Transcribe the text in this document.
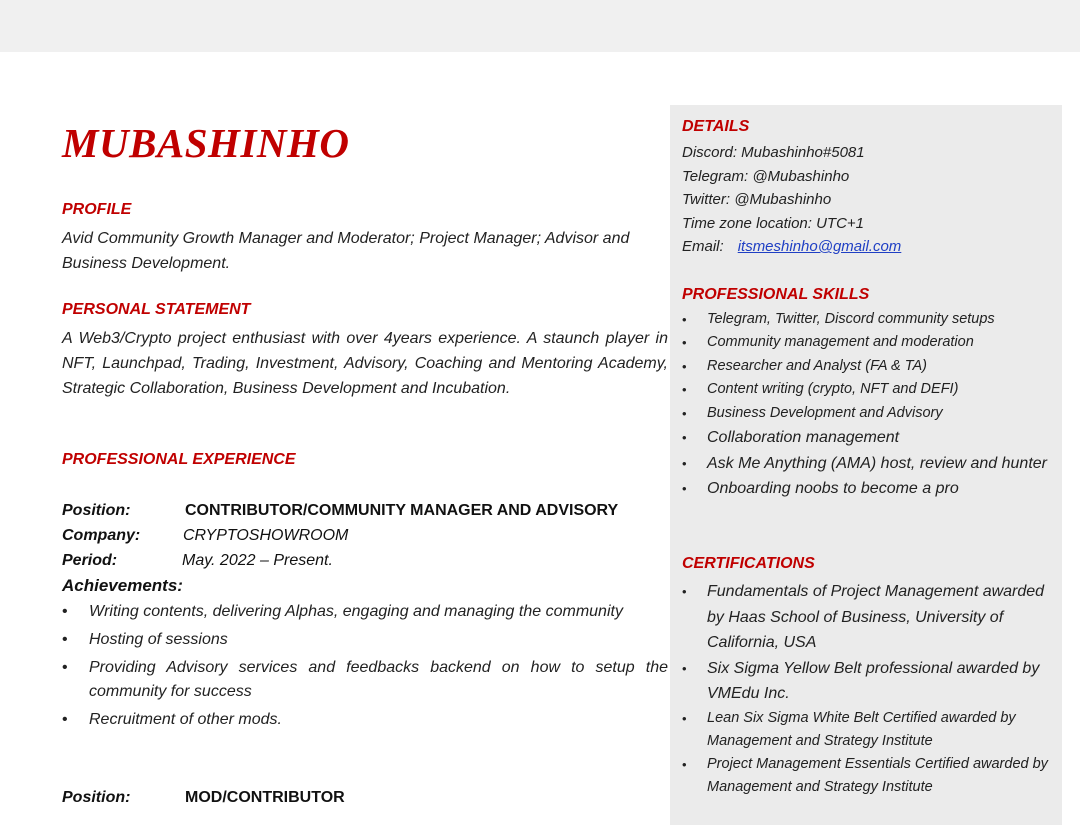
MUBASHINHO
PROFILE

Avid Community Growth Manager and Moderator; Project Manager; Advisor and Business Development.

PERSONAL STATEMENT

A Web3/Crypto project enthusiast with over 4years experience. A staunch player in NFT, Launchpad, Trading, Investment, Advisory, Coaching and Mentoring Academy, Strategic Collaboration, Business Development and Incubation.

PROFESSIONAL EXPERIENCE
Position:	CONTRIBUTOR/COMMUNITY MANAGER AND ADVISORY
Company:	CRYPTOSHOWROOM
Period:	May. 2022 – Present.
Achievements:
• Writing contents, delivering Alphas, engaging and managing the community
• Hosting of sessions
• Providing Advisory services and feedbacks backend on how to setup the community for success
• Recruitment of other mods.
Position:	MOD/CONTRIBUTOR
DETAILS
Discord: Mubashinho#5081
Telegram: @Mubashinho
Twitter: @Mubashinho
Time zone location: UTC+1
Email: itsmeshinho@gmail.com
PROFESSIONAL SKILLS
• Telegram, Twitter, Discord community setups
• Community management and moderation
• Researcher and Analyst (FA & TA)
• Content writing (crypto, NFT and DEFI)
• Business Development and Advisory
• Collaboration management
• Ask Me Anything (AMA) host, review and hunter
• Onboarding noobs to become a pro
CERTIFICATIONS
• Fundamentals of Project Management awarded by Haas School of Business, University of California, USA
• Six Sigma Yellow Belt professional awarded by VMEdu Inc.
• Lean Six Sigma White Belt Certified awarded by Management and Strategy Institute
• Project Management Essentials Certified awarded by Management and Strategy Institute
